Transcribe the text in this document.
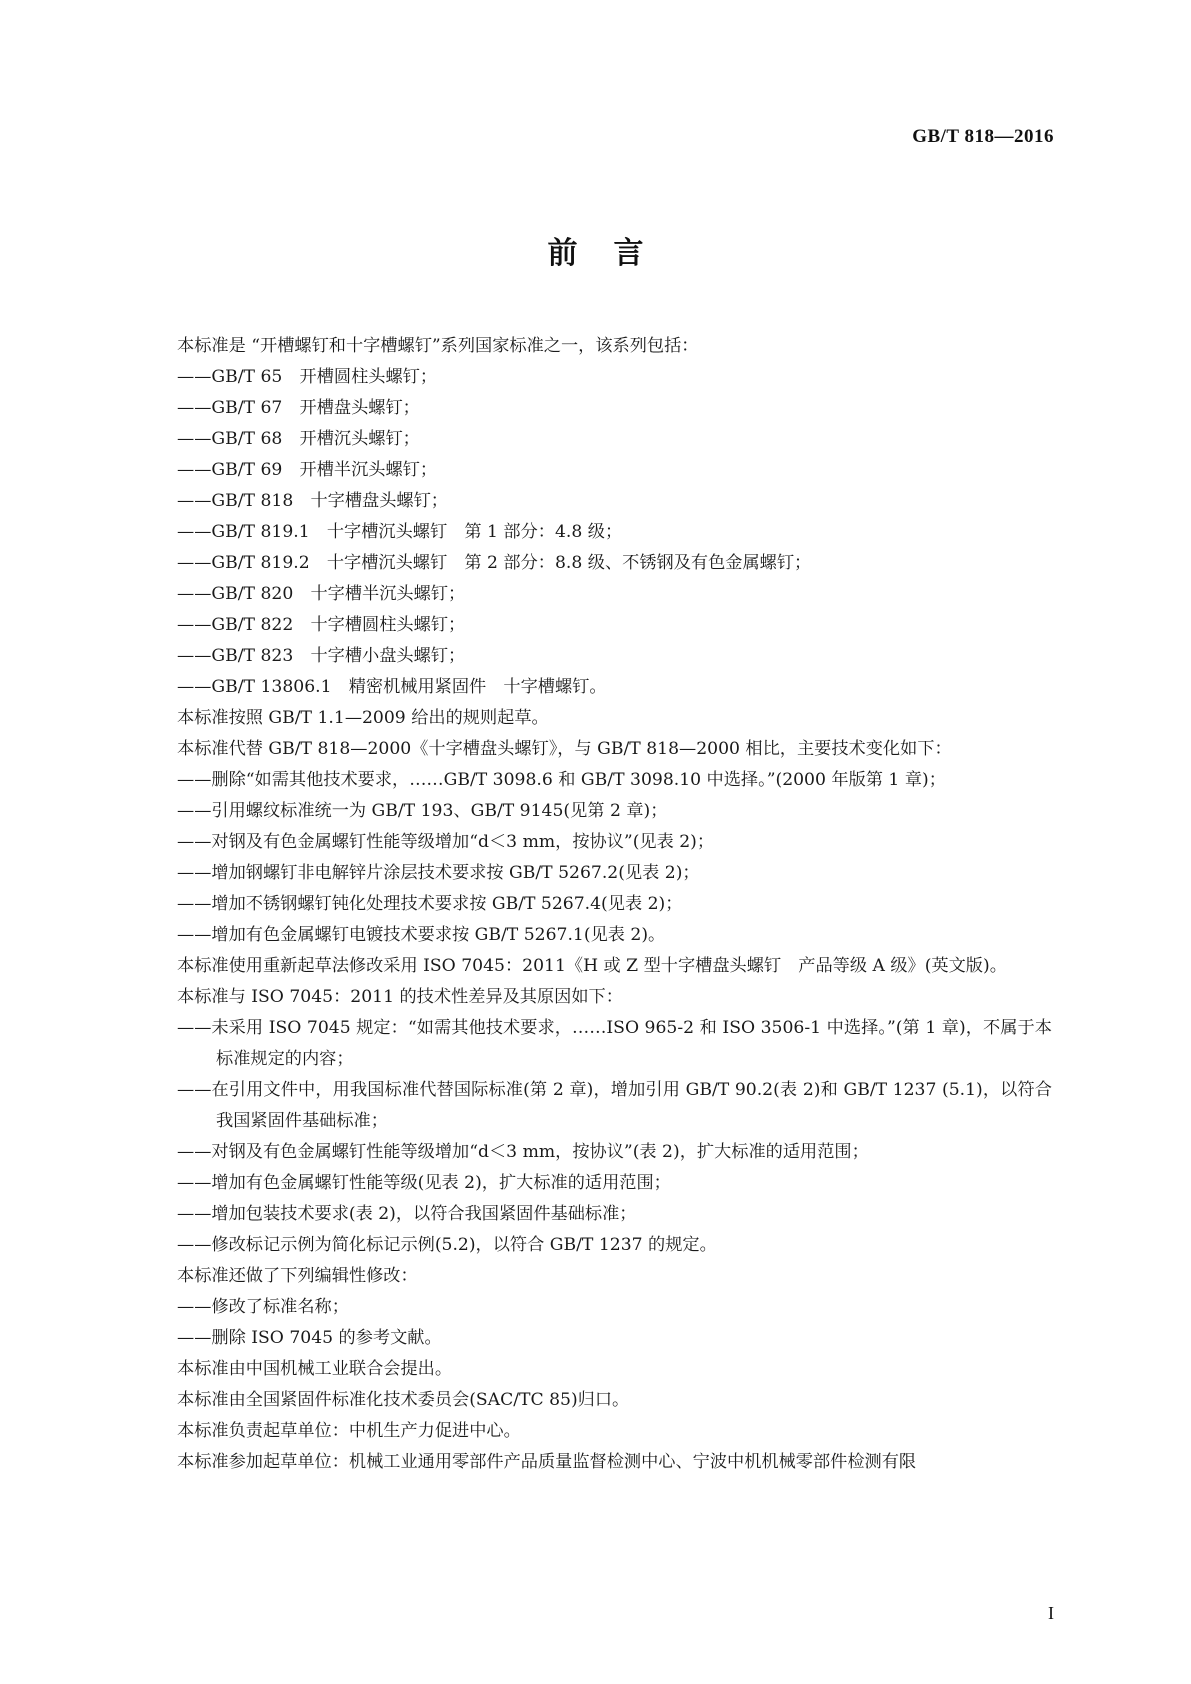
GB/T 818—2016
前言

本标准是 “开槽螺钉和十字槽螺钉”系列国家标准之一，该系列包括：

——GB/T 65　开槽圆柱头螺钉；

——GB/T 67　开槽盘头螺钉；

——GB/T 68　开槽沉头螺钉；

——GB/T 69　开槽半沉头螺钉；

——GB/T 818　十字槽盘头螺钉；

——GB/T 819.1　十字槽沉头螺钉　第 1 部分：4.8 级；

——GB/T 819.2　十字槽沉头螺钉　第 2 部分：8.8 级、不锈钢及有色金属螺钉；

——GB/T 820　十字槽半沉头螺钉；

——GB/T 822　十字槽圆柱头螺钉；

——GB/T 823　十字槽小盘头螺钉；

——GB/T 13806.1　精密机械用紧固件　十字槽螺钉。

本标准按照 GB/T 1.1—2009 给出的规则起草。

本标准代替 GB/T 818—2000《十字槽盘头螺钉》，与 GB/T 818—2000 相比，主要技术变化如下：

——删除“如需其他技术要求，……GB/T 3098.6 和 GB/T 3098.10 中选择。”(2000 年版第 1 章)；

——引用螺纹标准统一为 GB/T 193、GB/T 9145(见第 2 章)；

——对钢及有色金属螺钉性能等级增加“d＜3 mm，按协议”(见表 2)；

——增加钢螺钉非电解锌片涂层技术要求按 GB/T 5267.2(见表 2)；

——增加不锈钢螺钉钝化处理技术要求按 GB/T 5267.4(见表 2)；

——增加有色金属螺钉电镀技术要求按 GB/T 5267.1(见表 2)。

本标准使用重新起草法修改采用 ISO 7045：2011《H 或 Z 型十字槽盘头螺钉　产品等级 A 级》(英文版)。

本标准与 ISO 7045：2011 的技术性差异及其原因如下：

——未采用 ISO 7045 规定：“如需其他技术要求，……ISO 965-2 和 ISO 3506-1 中选择。”(第 1 章)，不属于本标准规定的内容；

——在引用文件中，用我国标准代替国际标准(第 2 章)，增加引用 GB/T 90.2(表 2)和 GB/T 1237 (5.1)，以符合我国紧固件基础标准；

——对钢及有色金属螺钉性能等级增加“d＜3 mm，按协议”(表 2)，扩大标准的适用范围；

——增加有色金属螺钉性能等级(见表 2)，扩大标准的适用范围；

——增加包装技术要求(表 2)，以符合我国紧固件基础标准；

——修改标记示例为简化标记示例(5.2)，以符合 GB/T 1237 的规定。

本标准还做了下列编辑性修改：

——修改了标准名称；

——删除 ISO 7045 的参考文献。

本标准由中国机械工业联合会提出。

本标准由全国紧固件标准化技术委员会(SAC/TC 85)归口。

本标准负责起草单位：中机生产力促进中心。

本标准参加起草单位：机械工业通用零部件产品质量监督检测中心、宁波中机机械零部件检测有限

I
